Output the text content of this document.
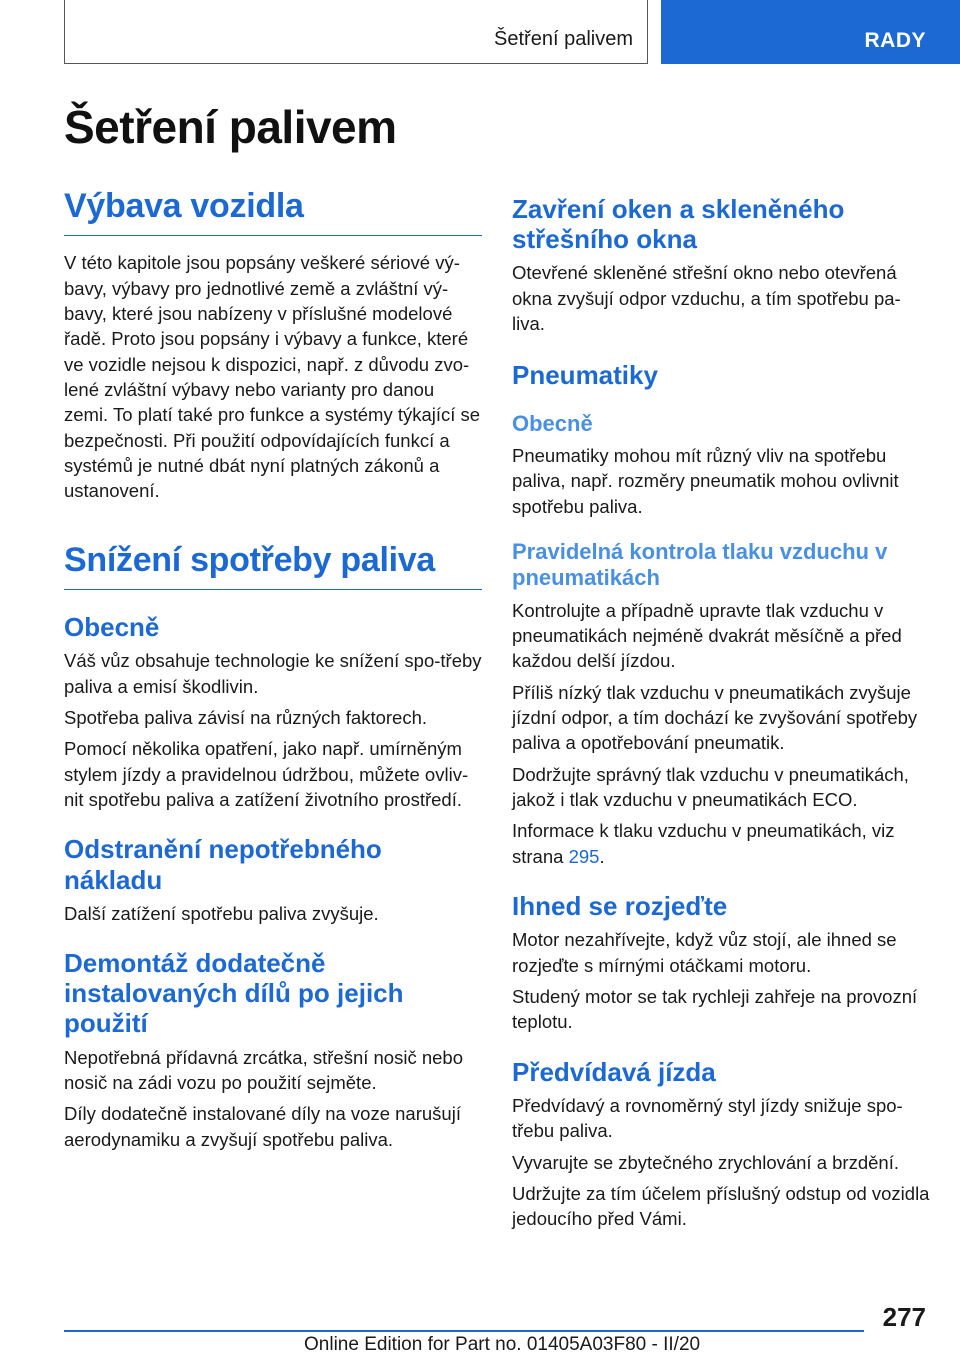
Šetření palivem	RADY
Šetření palivem
Výbava vozidla

V této kapitole jsou popsány veškeré sériové vý-bavy, výbavy pro jednotlivé země a zvláštní vý-bavy, které jsou nabízeny v příslušné modelové řadě. Proto jsou popsány i výbavy a funkce, které ve vozidle nejsou k dispozici, např. z důvodu zvo-lené zvláštní výbavy nebo varianty pro danou zemi. To platí také pro funkce a systémy týkající se bezpečnosti. Při použití odpovídajících funkcí a systémů je nutné dbát nyní platných zákonů a ustanovení.

Snížení spotřeby paliva
Obecně

Váš vůz obsahuje technologie ke snížení spo-třeby paliva a emisí škodlivin.

Spotřeba paliva závisí na různých faktorech.

Pomocí několika opatření, jako např. umírněným stylem jízdy a pravidelnou údržbou, můžete ovliv-nit spotřebu paliva a zatížení životního prostředí.

Odstranění nepotřebného nákladu

Další zatížení spotřebu paliva zvyšuje.

Demontáž dodatečně instalovaných dílů po jejich použití

Nepotřebná přídavná zrcátka, střešní nosič nebo nosič na zádi vozu po použití sejměte.

Díly dodatečně instalované díly na voze narušují aerodynamiku a zvyšují spotřebu paliva.

Zavření oken a skleněného střešního okna

Otevřené skleněné střešní okno nebo otevřená okna zvyšují odpor vzduchu, a tím spotřebu pa-liva.

Pneumatiky
Obecně

Pneumatiky mohou mít různý vliv na spotřebu paliva, např. rozměry pneumatik mohou ovlivnit spotřebu paliva.

Pravidelná kontrola tlaku vzduchu v pneumatikách

Kontrolujte a případně upravte tlak vzduchu v pneumatikách nejméně dvakrát měsíčně a před každou delší jízdou.

Příliš nízký tlak vzduchu v pneumatikách zvyšuje jízdní odpor, a tím dochází ke zvyšování spotřeby paliva a opotřebování pneumatik.

Dodržujte správný tlak vzduchu v pneumatikách, jakož i tlak vzduchu v pneumatikách ECO.

Informace k tlaku vzduchu v pneumatikách, viz strana 295.

Ihned se rozjeďte

Motor nezahřívejte, když vůz stojí, ale ihned se rozjeďte s mírnými otáčkami motoru.

Studený motor se tak rychleji zahřeje na provozní teplotu.

Předvídavá jízda

Předvídavý a rovnoměrný styl jízdy snižuje spo-třebu paliva.

Vyvarujte se zbytečného zrychlování a brzdění.

Udržujte za tím účelem příslušný odstup od vozidla jedoucího před Vámi.

277
Online Edition for Part no. 01405A03F80 - II/20
